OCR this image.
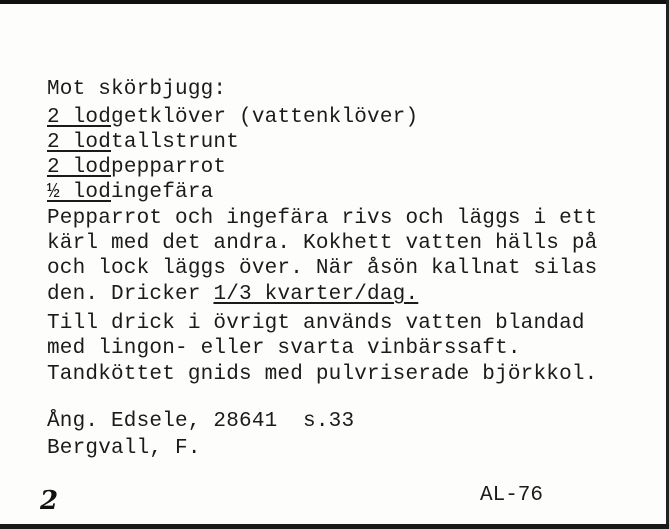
Mot skörbjugg:
2 lodgetklöver (vattenklöver)
2 lodtallstrunt
2 lodpepparrot
½ lodingefära
Pepparrot och ingefära rivs och läggs i ett
kärl med det andra. Kokhett vatten hälls på
och lock läggs över. När åsön kallnat silas
den. Dricker 1/3 kvarter/dag.
Till drick i övrigt används vatten blandad
med lingon- eller svarta vinbärssaft.
Tandköttet gnids med pulvriserade björkkol.
Ång. Edsele, 28641  s.33
Bergvall, F.
2	AL-76
